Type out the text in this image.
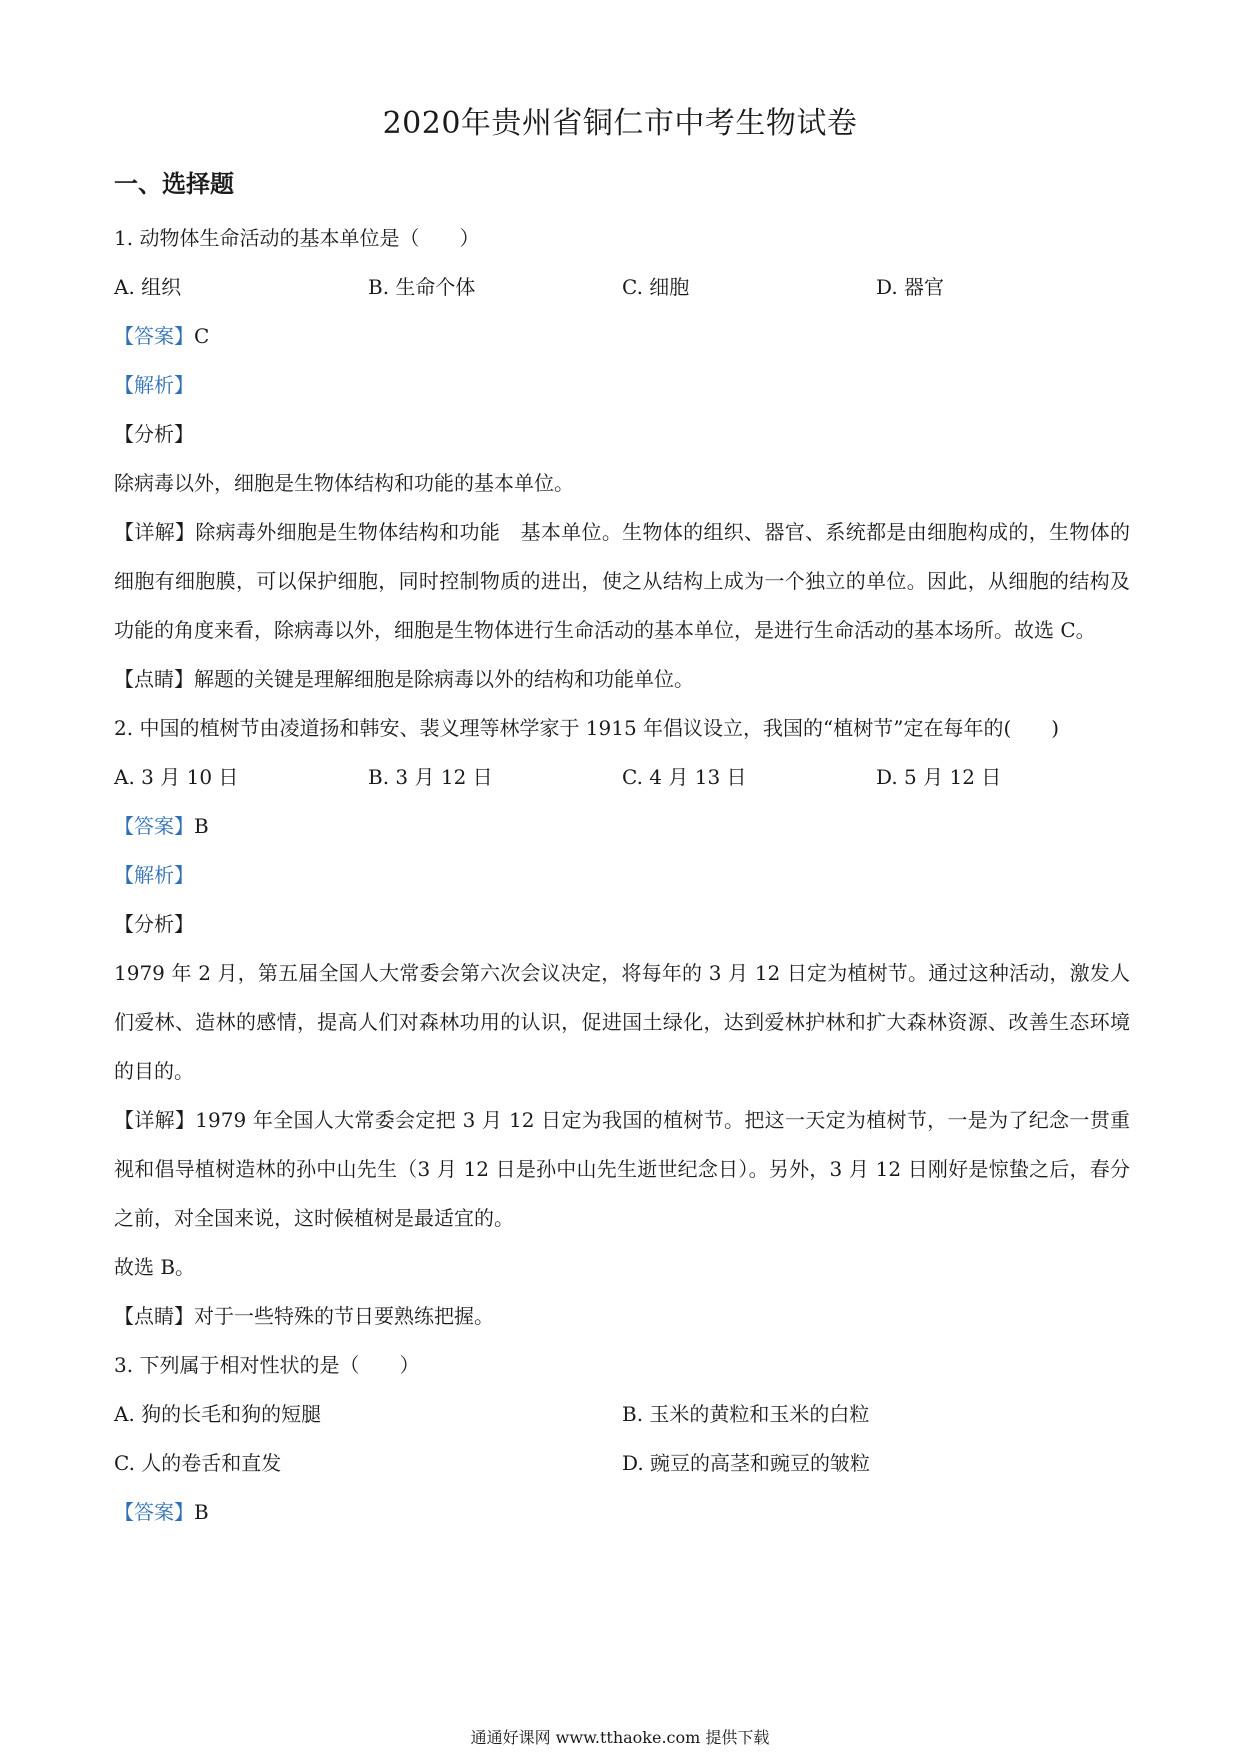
2020年贵州省铜仁市中考生物试卷
一、选择题
1. 动物体生命活动的基本单位是（　　）
A. 组织	B. 生命个体	C. 细胞	D. 器官
【答案】C
【解析】
【分析】

除病毒以外，细胞是生物体结构和功能的基本单位。

【详解】除病毒外细胞是生物体结构和功能　基本单位。生物体的组织、器官、系统都是由细胞构成的，生物体的细胞有细胞膜，可以保护细胞，同时控制物质的进出，使之从结构上成为一个独立的单位。因此，从细胞的结构及功能的角度来看，除病毒以外，细胞是生物体进行生命活动的基本单位，是进行生命活动的基本场所。故选 C。

【点睛】解题的关键是理解细胞是除病毒以外的结构和功能单位。

2. 中国的植树节由凌道扬和韩安、裴义理等林学家于 1915 年倡议设立，我国的“植树节”定在每年的(　　)
A. 3 月 10 日	B. 3 月 12 日	C. 4 月 13 日	D. 5 月 12 日
【答案】B
【解析】
【分析】

1979 年 2 月，第五届全国人大常委会第六次会议决定，将每年的 3 月 12 日定为植树节。通过这种活动，激发人们爱林、造林的感情，提高人们对森林功用的认识，促进国土绿化，达到爱林护林和扩大森林资源、改善生态环境的目的。

【详解】1979 年全国人大常委会定把 3 月 12 日定为我国的植树节。把这一天定为植树节，一是为了纪念一贯重视和倡导植树造林的孙中山先生（3 月 12 日是孙中山先生逝世纪念日）。另外，3 月 12 日刚好是惊蛰之后，春分之前，对全国来说，这时候植树是最适宜的。

故选 B。

【点睛】对于一些特殊的节日要熟练把握。

3. 下列属于相对性状的是（　　）
A. 狗的长毛和狗的短腿	B. 玉米的黄粒和玉米的白粒
C. 人的卷舌和直发	D. 豌豆的高茎和豌豆的皱粒
【答案】B
通通好课网 www.tthaoke.com 提供下载
